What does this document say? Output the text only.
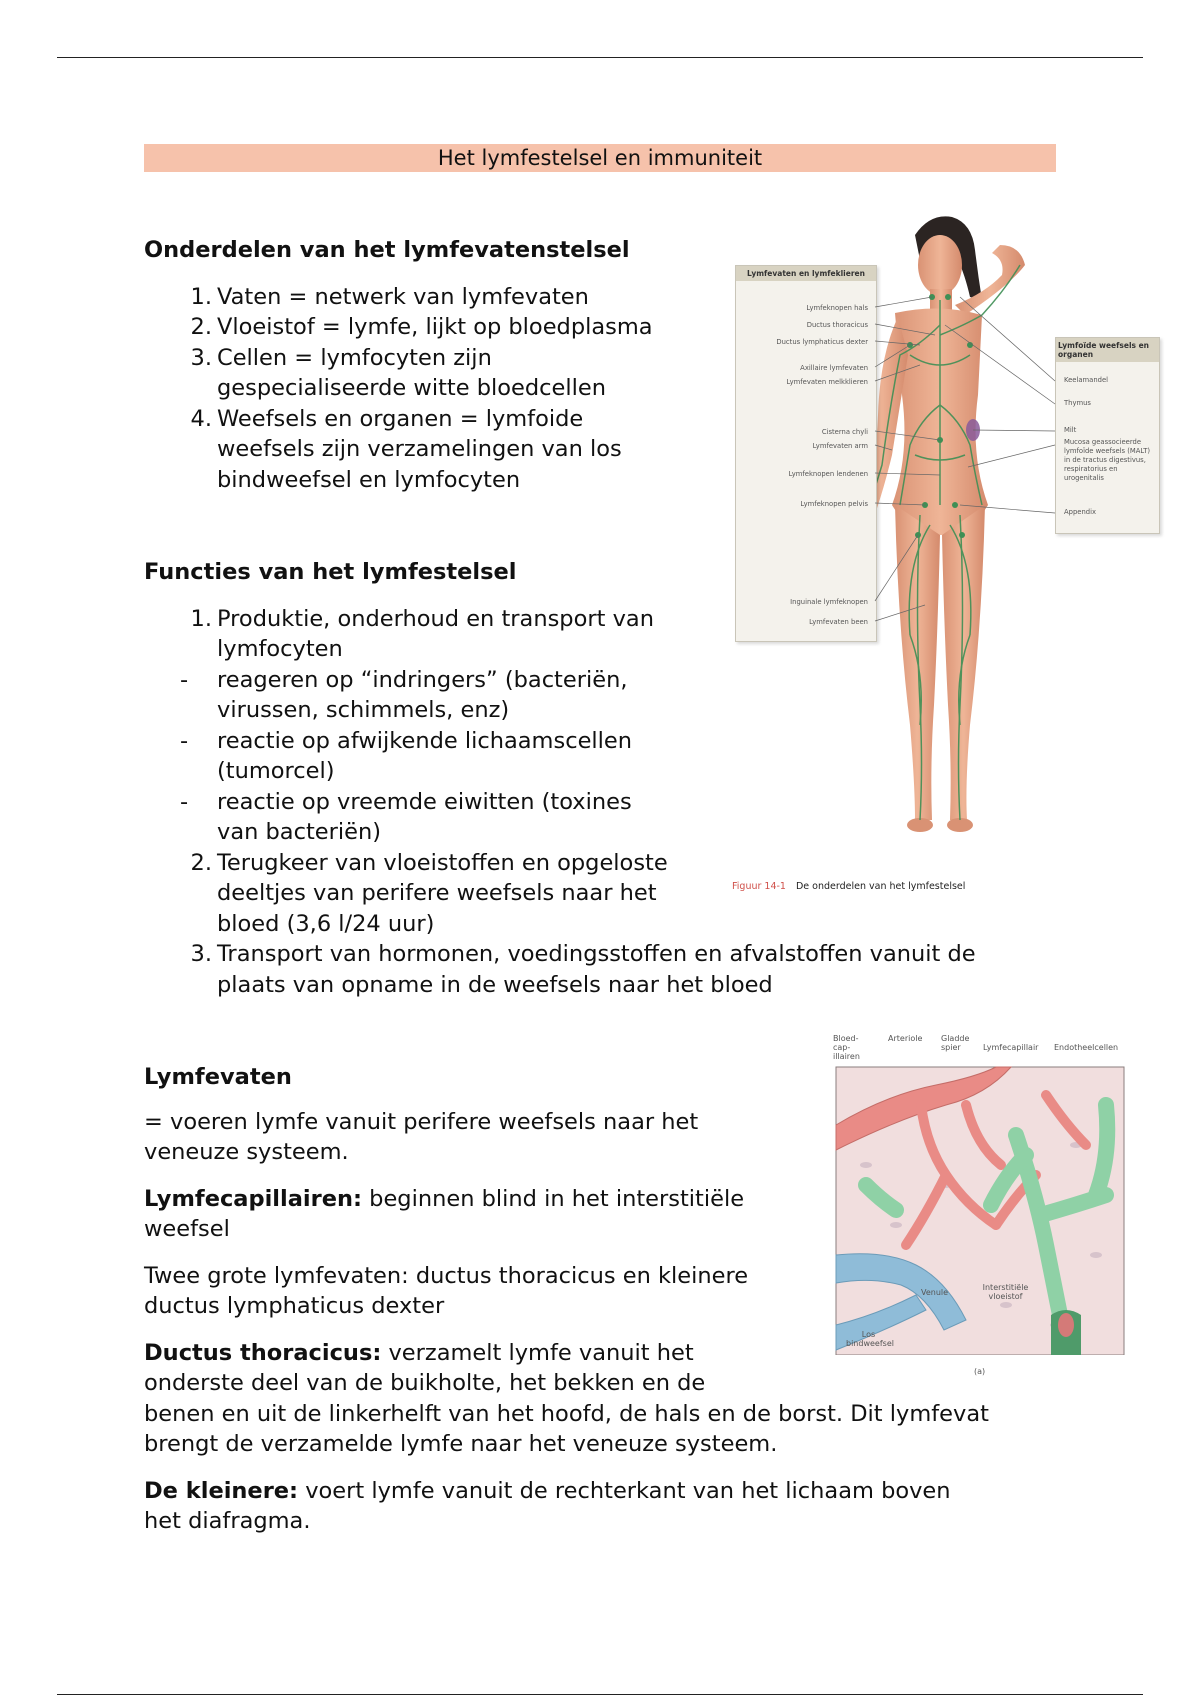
Het lymfestelsel en immuniteit
Onderdelen van het lymfevatenstelsel
1. Vaten = netwerk van lymfevaten
2. Vloeistof = lymfe, lijkt op bloedplasma
3. Cellen = lymfocyten zijn
gespecialiseerde witte bloedcellen
4. Weefsels en organen = lymfoide
weefsels zijn verzamelingen van los
bindweefsel en lymfocyten
Functies van het lymfestelsel
1. Produktie, onderhoud en transport van
lymfocyten
- reageren op “indringers” (bacteriën,
virussen, schimmels, enz)
- reactie op afwijkende lichaamscellen
(tumorcel)
- reactie op vreemde eiwitten (toxines
van bacteriën)
2. Terugkeer van vloeistoffen en opgeloste
deeltjes van perifere weefsels naar het
bloed (3,6 l/24 uur)
3. Transport van hormonen, voedingsstoffen en afvalstoffen vanuit de
plaats van opname in de weefsels naar het bloed
Lymfevaten
= voeren lymfe vanuit perifere weefsels naar het
veneuze systeem.
Lymfecapillairen: beginnen blind in het interstitiële
weefsel
Twee grote lymfevaten: ductus thoracicus en kleinere
ductus lymphaticus dexter
Ductus thoracicus: verzamelt lymfe vanuit het
onderste deel van de buikholte, het bekken en de
benen en uit de linkerhelft van het hoofd, de hals en de borst. Dit lymfevat
brengt de verzamelde lymfe naar het veneuze systeem.
De kleinere: voert lymfe vanuit de rechterkant van het lichaam boven
het diafragma.
Lymfevaten en lymfeklieren
Lymfeknopen hals
Ductus thoracicus
Ductus lymphaticus dexter
Axillaire lymfevaten
Lymfevaten melkklieren
Cisterna chyli
Lymfevaten arm
Lymfeknopen lendenen
Lymfeknopen pelvis
Inguinale lymfeknopen
Lymfevaten been
Lymfoïde weefsels en organen
Keelamandel
Thymus
Milt
Mucosa geassocieerde lymfoïde weefsels (MALT) in de tractus digestivus, respiratorius en urogenitalis
Appendix
Figuur 14-1 De onderdelen van het lymfestelsel
Bloed-cap-illairen
Arteriole Gladde spier	Lymfecapillair Endotheelcellen
Venule
Interstitiële vloeistof
Los bindweefsel
(a)
